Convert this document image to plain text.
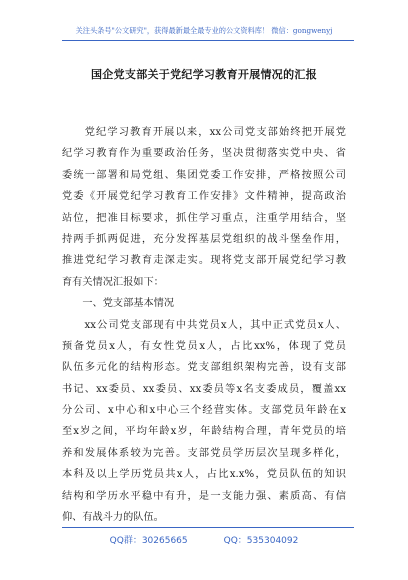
关注头条号"公文研究"，获得最新最全最专业的公文资料库！ 微信：gongwenyj
国企党支部关于党纪学习教育开展情况的汇报
　　党纪学习教育开展以来，xx公司党支部始终把开展党
纪学习教育作为重要政治任务，坚决贯彻落实党中央、省
委统一部署和局党组、集团党委工作安排，严格按照公司
党委《开展党纪学习教育工作安排》文件精神，提高政治
站位，把准目标要求，抓住学习重点，注重学用结合，坚
持两手抓两促进，充分发挥基层党组织的战斗堡垒作用，
推进党纪学习教育走深走实。现将党支部开展党纪学习教
育有关情况汇报如下：
　　一、党支部基本情况
　　xx公司党支部现有中共党员x人，其中正式党员x人、
预备党员x人，有女性党员x人，占比xx%，体现了党员
队伍多元化的结构形态。党支部组织架构完善，设有支部
书记、xx委员、xx委员、xx委员等x名支委成员，覆盖xx
分公司、x中心和x中心三个经营实体。支部党员年龄在x
至x岁之间，平均年龄x岁，年龄结构合理，青年党员的培
养和发展体系较为完善。支部党员学历层次呈现多样化，
本科及以上学历党员共x人，占比x.x%，党员队伍的知识
结构和学历水平稳中有升，是一支能力强、素质高、有信
仰、有战斗力的队伍。
QQ群：30265665	QQ：535304092
